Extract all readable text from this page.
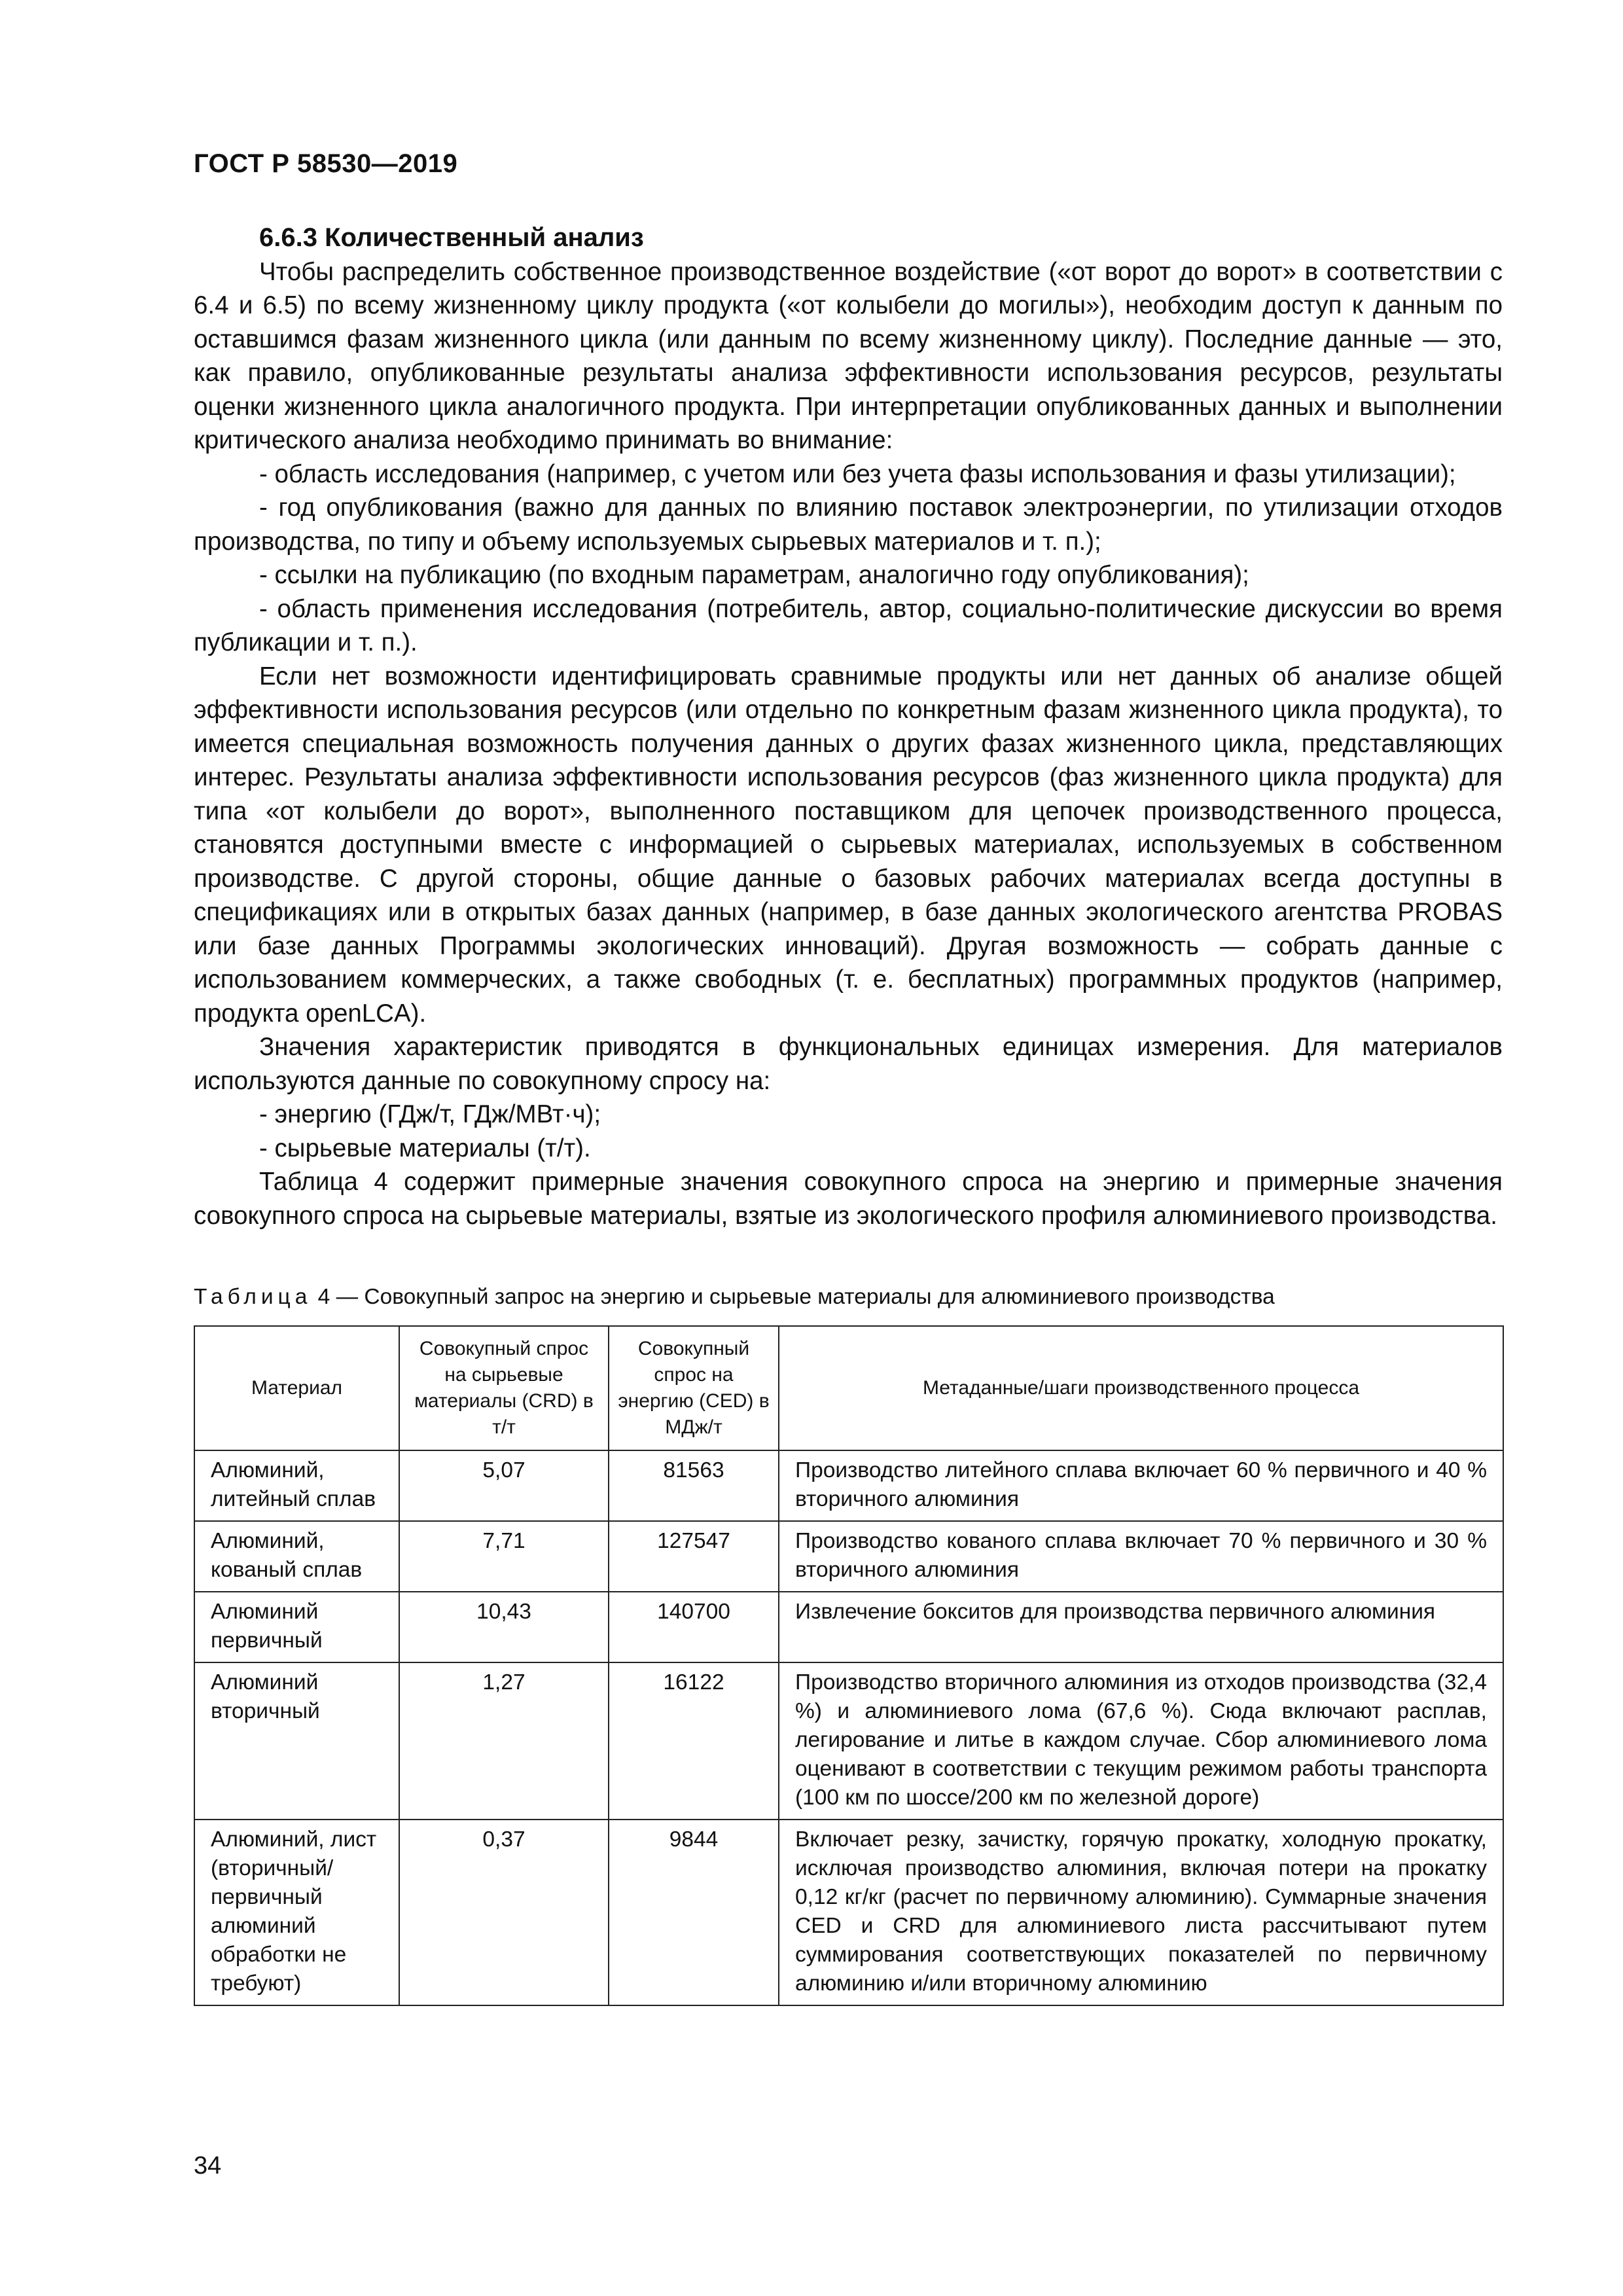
ГОСТ Р 58530—2019
6.6.3 Количественный анализ

Чтобы распределить собственное производственное воздействие («от ворот до ворот» в соответствии с 6.4 и 6.5) по всему жизненному циклу продукта («от колыбели до могилы»), необходим доступ к данным по оставшимся фазам жизненного цикла (или данным по всему жизненному циклу). Последние данные — это, как правило, опубликованные результаты анализа эффективности использования ресурсов, результаты оценки жизненного цикла аналогичного продукта. При интерпретации опубликованных данных и выполнении критического анализа необходимо принимать во внимание:

- область исследования (например, с учетом или без учета фазы использования и фазы утилизации);

- год опубликования (важно для данных по влиянию поставок электроэнергии, по утилизации отходов производства, по типу и объему используемых сырьевых материалов и т. п.);

- ссылки на публикацию (по входным параметрам, аналогично году опубликования);

- область применения исследования (потребитель, автор, социально-политические дискуссии во время публикации и т. п.).

Если нет возможности идентифицировать сравнимые продукты или нет данных об анализе общей эффективности использования ресурсов (или отдельно по конкретным фазам жизненного цикла продукта), то имеется специальная возможность получения данных о других фазах жизненного цикла, представляющих интерес. Результаты анализа эффективности использования ресурсов (фаз жизненного цикла продукта) для типа «от колыбели до ворот», выполненного поставщиком для цепочек производственного процесса, становятся доступными вместе с информацией о сырьевых материалах, используемых в собственном производстве. С другой стороны, общие данные о базовых рабочих материалах всегда доступны в спецификациях или в открытых базах данных (например, в базе данных экологического агентства PROBAS или базе данных Программы экологических инноваций). Другая возможность — собрать данные с использованием коммерческих, а также свободных (т. е. бесплатных) программных продуктов (например, продукта openLCA).

Значения характеристик приводятся в функциональных единицах измерения. Для материалов используются данные по совокупному спросу на:

- энергию (ГДж/т, ГДж/МВт·ч);

- сырьевые материалы (т/т).

Таблица 4 содержит примерные значения совокупного спроса на энергию и примерные значения совокупного спроса на сырьевые материалы, взятые из экологического профиля алюминиевого производства.

Таблица 4 — Совокупный запрос на энергию и сырьевые материалы для алюминиевого производства
Материал	Совокупный спрос на сырьевые материалы (CRD) в т/т	Совокупный спрос на энергию (CED) в МДж/т	Метаданные/шаги производственного процесса
Алюминий, литейный сплав	5,07	81563	Производство литейного сплава включает 60 % первичного и 40 % вторичного алюминия
Алюминий, кованый сплав	7,71	127547	Производство кованого сплава включает 70 % первичного и 30 % вторичного алюминия
Алюминий первичный	10,43	140700	Извлечение бокситов для производства первичного алюминия
Алюминий вторичный	1,27	16122	Производство вторичного алюминия из отходов производства (32,4 %) и алюминиевого лома (67,6 %). Сюда включают расплав, легирование и литье в каждом случае. Сбор алюминиевого лома оценивают в соответствии с текущим режимом работы транспорта (100 км по шоссе/200 км по железной дороге)
Алюминий, лист (вторичный/ первичный алюминий обработки не требуют)	0,37	9844	Включает резку, зачистку, горячую прокатку, холодную прокатку, исключая производство алюминия, включая потери на прокатку 0,12 кг/кг (расчет по первичному алюминию). Суммарные значения CED и CRD для алюминиевого листа рассчитывают путем суммирования соответствующих показателей по первичному алюминию и/или вторичному алюминию
34
